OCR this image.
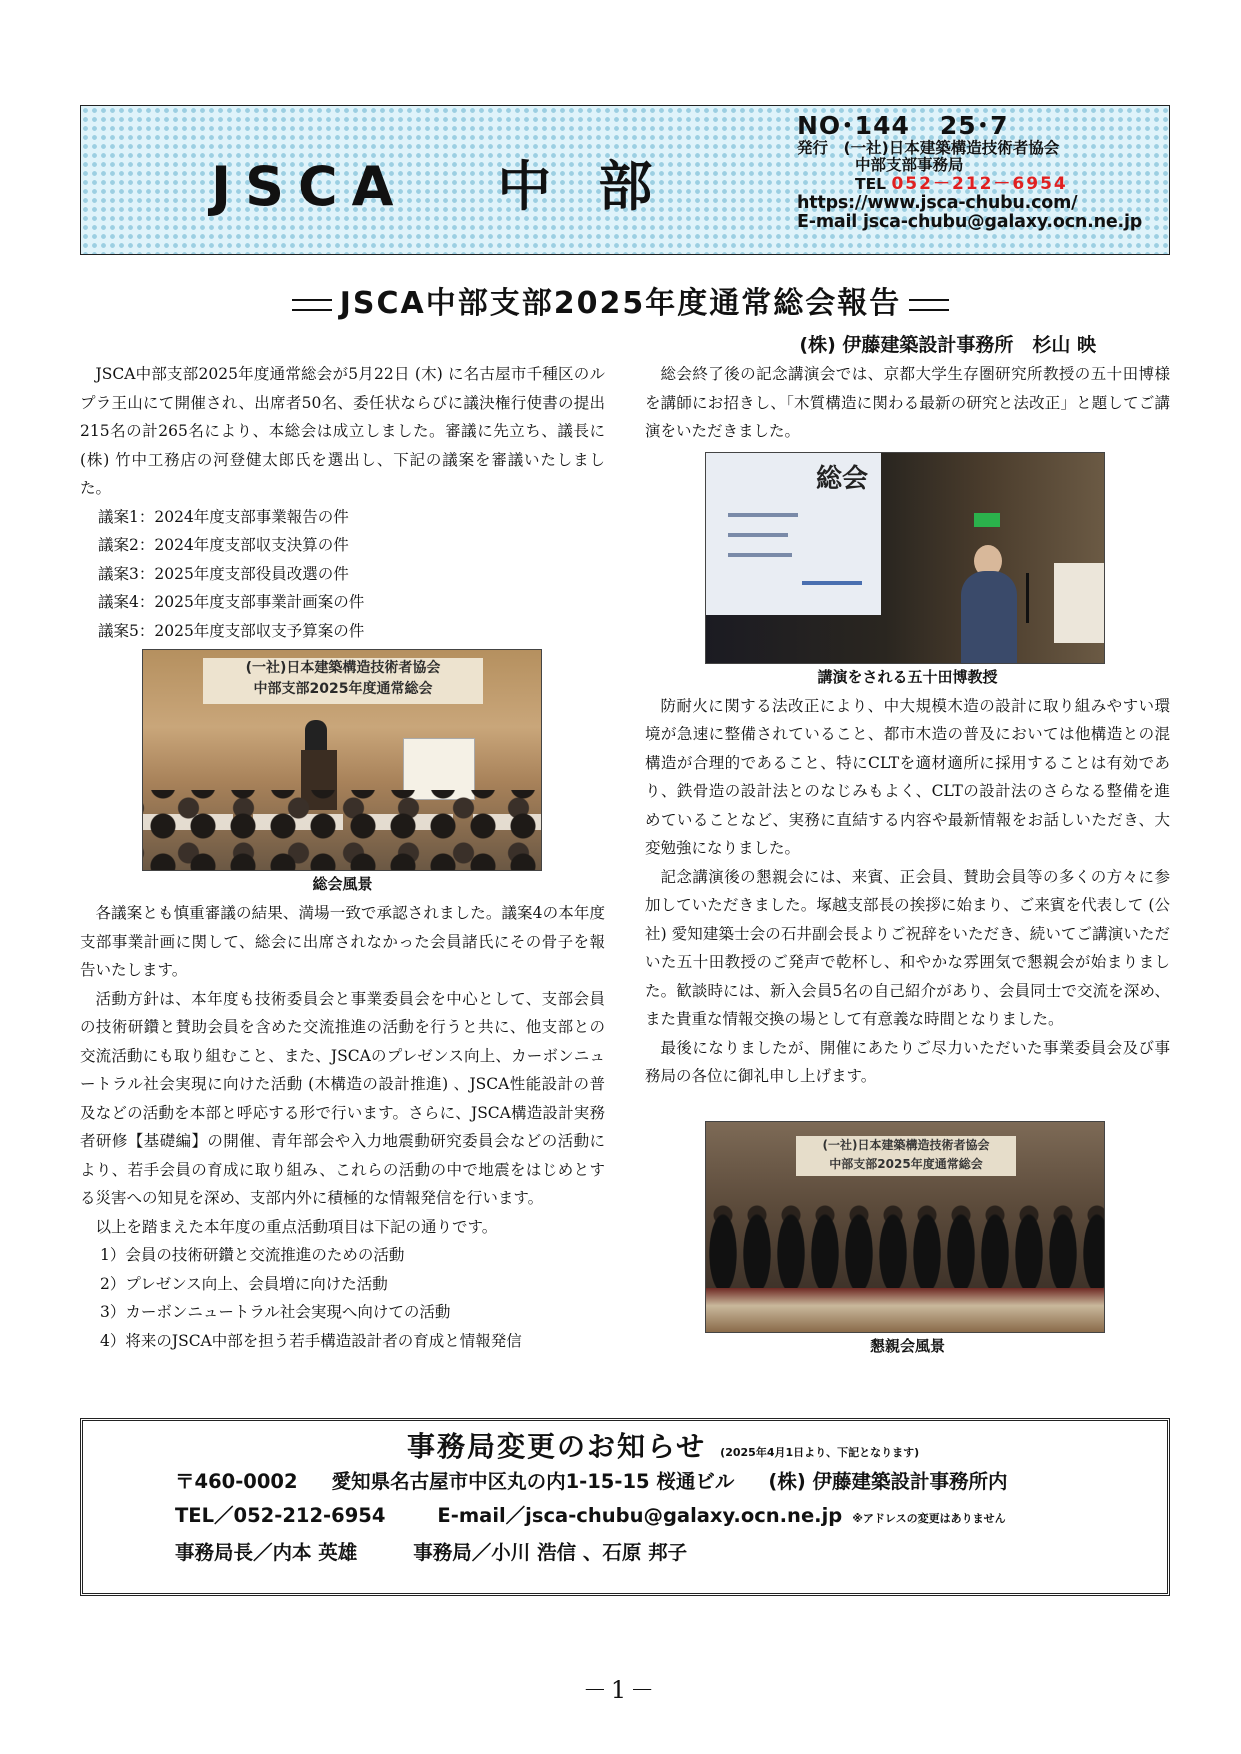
JSCA 中 部
NO･144 25･7
発行　 (一社)日本建築構造技術者協会
中部支部事務局
TEL 052－212－6954
https://www.jsca-chubu.com/
E-mail jsca-chubu@galaxy.ocn.ne.jp
JSCA中部支部2025年度通常総会報告
(株) 伊藤建築設計事務所　杉山 映

JSCA中部支部2025年度通常総会が5月22日 (木) に名古屋市千種区のルプラ王山にて開催され、出席者50名、委任状ならびに議決権行使書の提出215名の計265名により、本総会は成立しました。審議に先立ち、議長に (株) 竹中工務店の河登健太郎氏を選出し、下記の議案を審議いたしました。

議案1：2024年度支部事業報告の件
議案2：2024年度支部収支決算の件
議案3：2025年度支部役員改選の件
議案4：2025年度支部事業計画案の件
議案5：2025年度支部収支予算案の件
(一社)日本建築構造技術者協会
中部支部2025年度通常総会
総会風景

各議案とも慎重審議の結果、満場一致で承認されました。議案4の本年度支部事業計画に関して、総会に出席されなかった会員諸氏にその骨子を報告いたします。

活動方針は、本年度も技術委員会と事業委員会を中心として、支部会員の技術研鑽と賛助会員を含めた交流推進の活動を行うと共に、他支部との交流活動にも取り組むこと、また、JSCAのプレゼンス向上、カーボンニュートラル社会実現に向けた活動 (木構造の設計推進) 、JSCA性能設計の普及などの活動を本部と呼応する形で行います。さらに、JSCA構造設計実務者研修【基礎編】の開催、青年部会や入力地震動研究委員会などの活動により、若手会員の育成に取り組み、これらの活動の中で地震をはじめとする災害への知見を深め、支部内外に積極的な情報発信を行います。

以上を踏まえた本年度の重点活動項目は下記の通りです。

1）会員の技術研鑽と交流推進のための活動
2）プレゼンス向上、会員増に向けた活動
3）カーボンニュートラル社会実現へ向けての活動
4）将来のJSCA中部を担う若手構造設計者の育成と情報発信

総会終了後の記念講演会では、京都大学生存圏研究所教授の五十田博様を講師にお招きし、「木質構造に関わる最新の研究と法改正」と題してご講演をいただきました。

総会
講演をされる五十田博教授

防耐火に関する法改正により、中大規模木造の設計に取り組みやすい環境が急速に整備されていること、都市木造の普及においては他構造との混構造が合理的であること、特にCLTを適材適所に採用することは有効であり、鉄骨造の設計法とのなじみもよく、CLTの設計法のさらなる整備を進めていることなど、実務に直結する内容や最新情報をお話しいただき、大変勉強になりました。

記念講演後の懇親会には、来賓、正会員、賛助会員等の多くの方々に参加していただきました。塚越支部長の挨拶に始まり、ご来賓を代表して (公社) 愛知建築士会の石井副会長よりご祝辞をいただき、続いてご講演いただいた五十田教授のご発声で乾杯し、和やかな雰囲気で懇親会が始まりました。歓談時には、新入会員5名の自己紹介があり、会員同士で交流を深め、また貴重な情報交換の場として有意義な時間となりました。

最後になりましたが、開催にあたりご尽力いただいた事業委員会及び事務局の各位に御礼申し上げます。

(一社)日本建築構造技術者協会
中部支部2025年度通常総会
懇親会風景
事務局変更のお知らせ (2025年4月1日より、下記となります)
〒460-0002 愛知県名古屋市中区丸の内1-15-15 桜通ビル (株) 伊藤建築設計事務所内
TEL／052-212-6954	E-mail／jsca-chubu@galaxy.ocn.ne.jp ※アドレスの変更はありません
事務局長／内本 英雄	事務局／小川 浩信 、石原 邦子
－1－
